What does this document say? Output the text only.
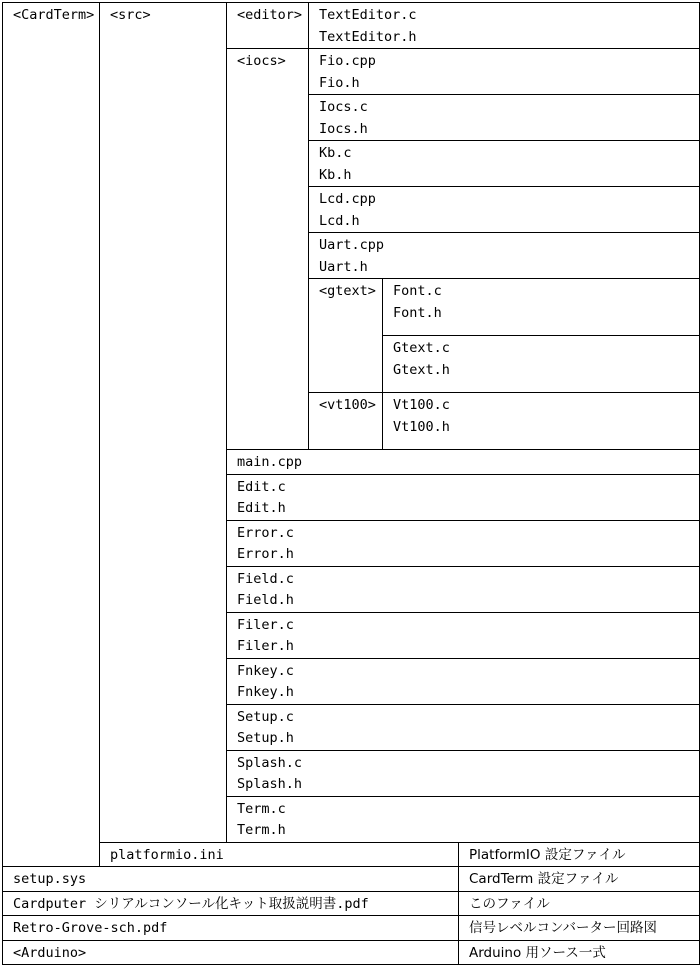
<CardTerm>	<src>	<editor>	TextEditor.c
TextEditor.h

		<iocs>	Fio.cpp
Fio.h

			Iocs.c
Iocs.h

			Kb.c
Kb.h

			Lcd.cpp
Lcd.h

			Uart.cpp
Uart.h

			<gtext>	Font.c
Font.h

				Gtext.c
Gtext.h

			<vt100>	Vt100.c
Vt100.h

		main.cpp

		Edit.c
Edit.h

		Error.c
Error.h

		Field.c
Field.h

		Filer.c
Filer.h

		Fnkey.c
Fnkey.h

		Setup.c
Setup.h

		Splash.c
Splash.h

		Term.c
Term.h

	platformio.ini				PlatformIO 設定ファイル	

setup.sys					CardTerm 設定ファイル	

Cardputer シリアルコンソール化キット取扱説明書.pdf					このファイル	

Retro-Grove-sch.pdf					信号レベルコンバーター回路図	

<Arduino>					Arduino 用ソース一式	
